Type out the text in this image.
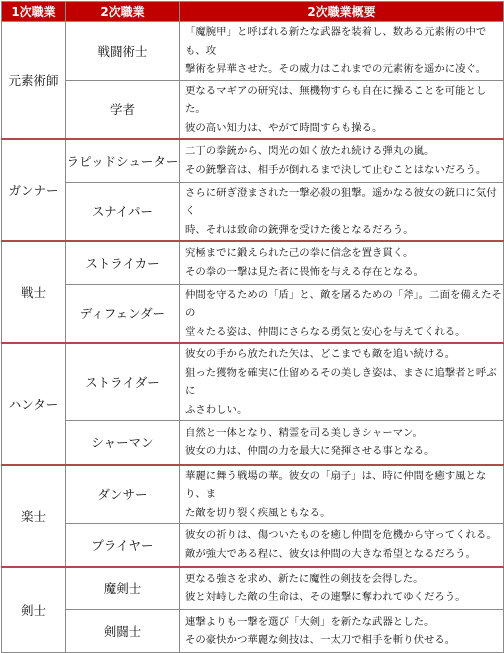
1次職業	2次職業	2次職業概要
元素術師	戦闘術士	「魔腕甲」と呼ばれる新たな武器を装着し、数ある元素術の中でも、攻
撃術を昇華させた。その威力はこれまでの元素術を遥かに凌ぐ。
	学者	更なるマギアの研究は、無機物すらも自在に操ることを可能とした。
彼の高い知力は、やがて時間すらも操る。
ガンナー	ラピッドシューター	二丁の拳銃から、閃光の如く放たれ続ける弾丸の嵐。
その銃撃音は、相手が倒れるまで決して止むことはないだろう。
	スナイパー	さらに研ぎ澄まされた一撃必殺の狙撃。遥かなる彼女の銃口に気付く
時、それは致命の銃弾を受けた後となるだろう。
戦士	ストライカー	究極までに鍛えられた己の拳に信念を置き貫く。
その拳の一撃は見た者に畏怖を与える存在となる。
	ディフェンダー	仲間を守るための「盾」と、敵を屠るための「斧」。二面を備えたその
堂々たる姿は、仲間にさらなる勇気と安心を与えてくれる。
ハンター	ストライダー	彼女の手から放たれた矢は、どこまでも敵を追い続ける。
狙った獲物を確実に仕留めるその美しき姿は、まさに追撃者と呼ぶに
ふさわしい。
	シャーマン	自然と一体となり、精霊を司る美しきシャーマン。
彼女の力は、仲間の力を最大に発揮させる事となる。
楽士	ダンサー	華麗に舞う戦場の華。彼女の「扇子」は、時に仲間を癒す風となり、ま
た敵を切り裂く疾風ともなる。
	プライヤー	彼女の祈りは、傷ついたものを癒し仲間を危機から守ってくれる。
敵が強大である程に、彼女は仲間の大きな希望となるだろう。
剣士	魔剣士	更なる強さを求め、新たに魔性の剣技を会得した。
彼と対峙した敵の生命は、その連撃に奪われてゆくだろう。
	剣闘士	連撃よりも一撃を選び「大剣」を新たな武器とした。
その豪快かつ華麗な剣技は、一太刀で相手を斬り伏せる。
